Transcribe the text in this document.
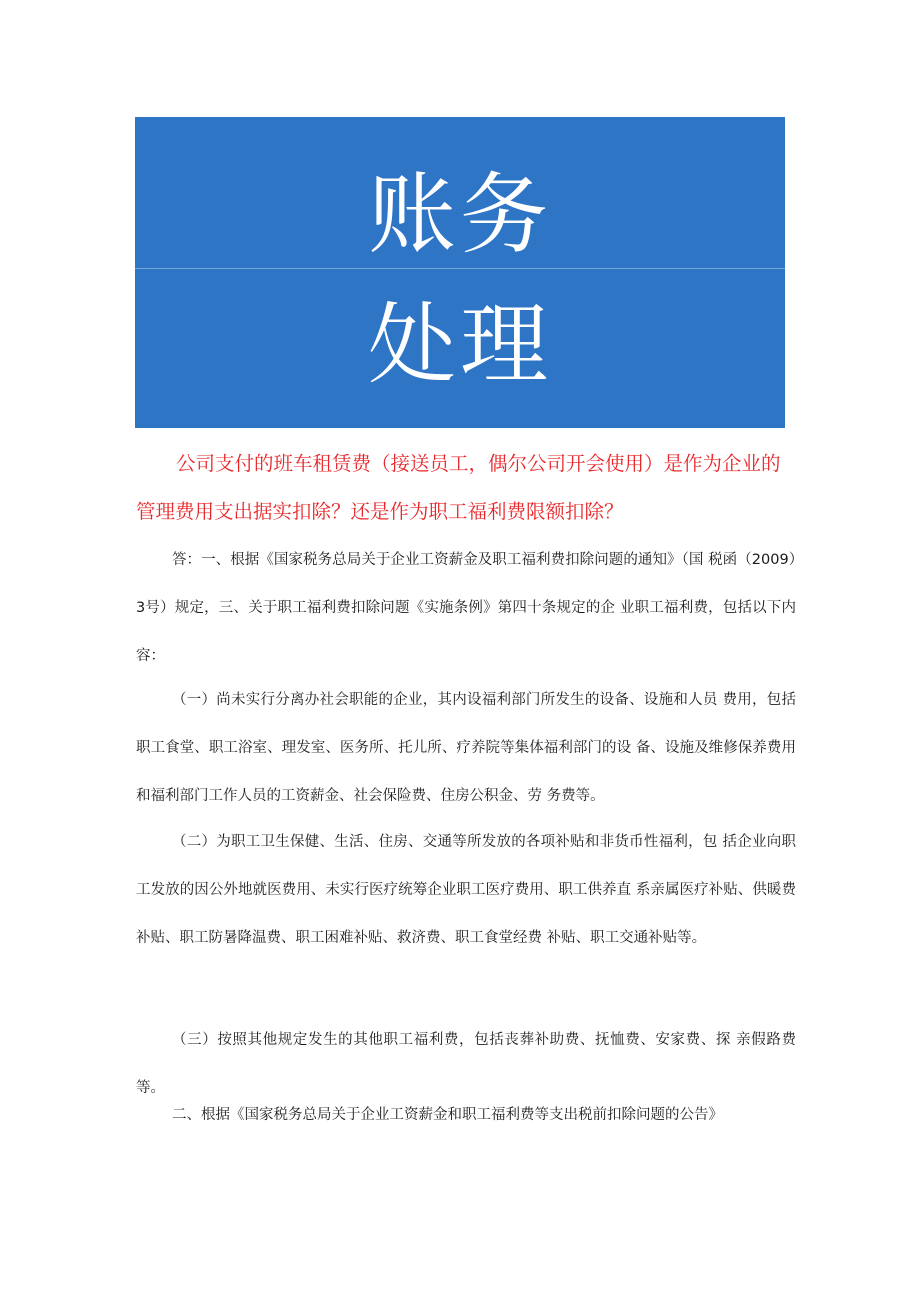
账务
处理
公司支付的班车租赁费（接送员工，偶尔公司开会使用）是作为企业的管理费用支出据实扣除？还是作为职工福利费限额扣除？
答：一、根据《国家税务总局关于企业工资薪金及职工福利费扣除问题的通知》（国 税函（2009）3号）规定，三、关于职工福利费扣除问题《实施条例》第四十条规定的企 业职工福利费，包括以下内容：
（一）尚未实行分离办社会职能的企业，其内设福利部门所发生的设备、设施和人员 费用，包括职工食堂、职工浴室、理发室、医务所、托儿所、疗养院等集体福利部门的设 备、设施及维修保养费用和福利部门工作人员的工资薪金、社会保险费、住房公积金、劳 务费等。
（二）为职工卫生保健、生活、住房、交通等所发放的各项补贴和非货币性福利，包 括企业向职工发放的因公外地就医费用、未实行医疗统筹企业职工医疗费用、职工供养直 系亲属医疗补贴、供暖费补贴、职工防暑降温费、职工困难补贴、救济费、职工食堂经费 补贴、职工交通补贴等。
（三）按照其他规定发生的其他职工福利费，包括丧葬补助费、抚恤费、安家费、探 亲假路费等。
二、根据《国家税务总局关于企业工资薪金和职工福利费等支出税前扣除问题的公告》
